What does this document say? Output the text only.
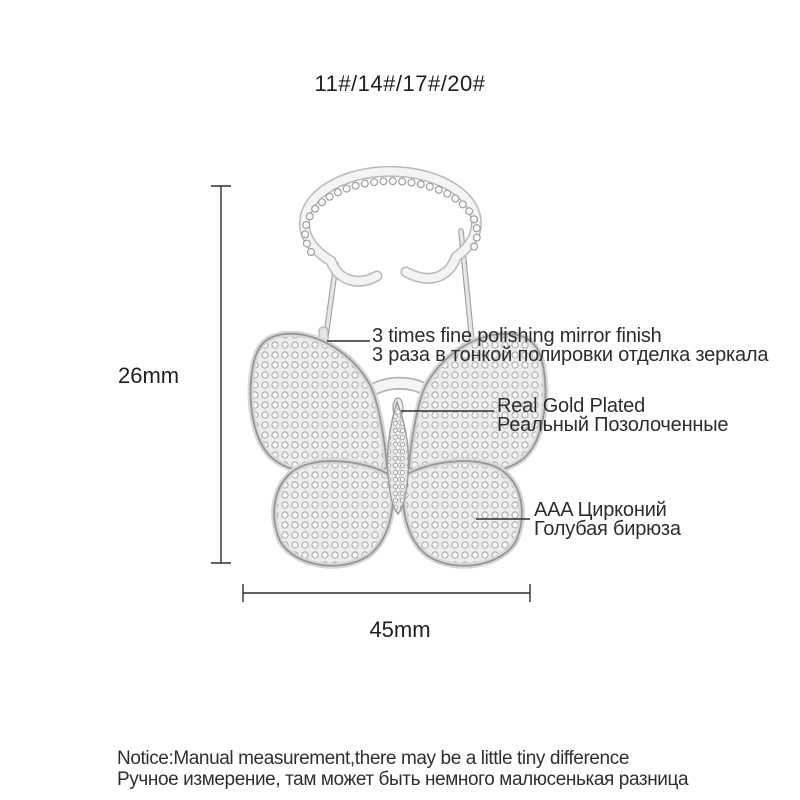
11#/14#/17#/20#
26mm
45mm
3 times fine polishing mirror finish
3 раза в тонкой полировки отделка зеркала
Real Gold Plated
Реальный Позолоченные
AAA Цирконий
Голубая бирюза
Notice:Manual measurement,there may be a little tiny difference
Ручное измерение, там может быть немного малюсенькая разница
